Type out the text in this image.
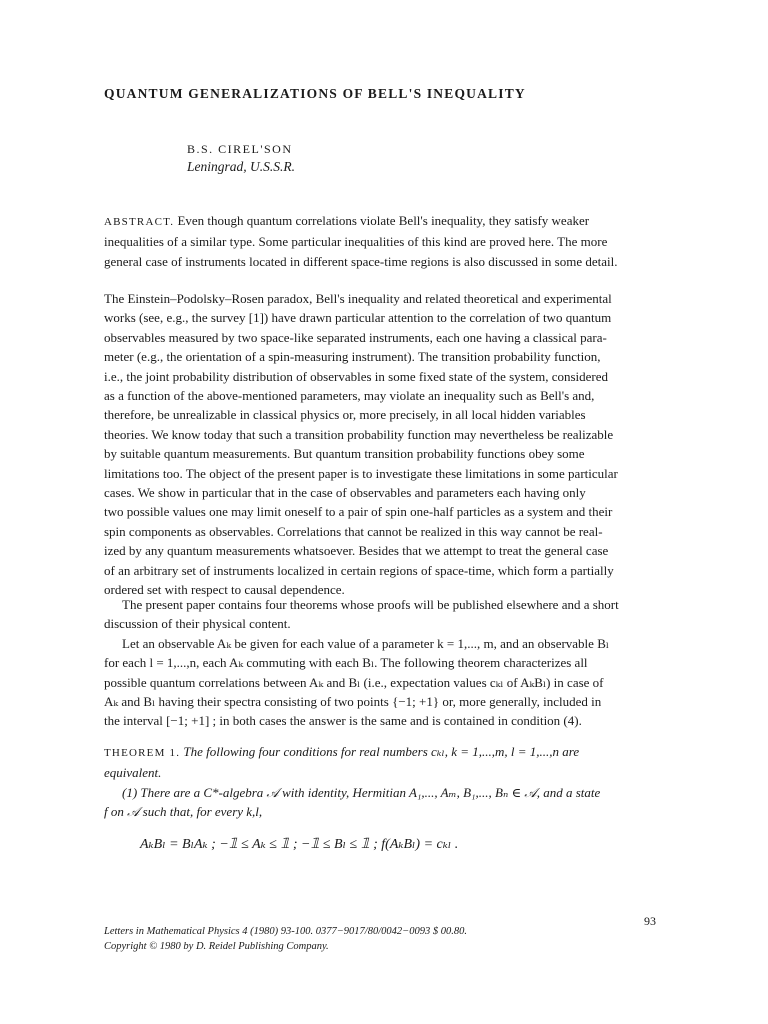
QUANTUM GENERALIZATIONS OF BELL'S INEQUALITY
B.S. CIREL'SON
Leningrad, U.S.S.R.
ABSTRACT. Even though quantum correlations violate Bell's inequality, they satisfy weaker
inequalities of a similar type. Some particular inequalities of this kind are proved here. The more
general case of instruments located in different space-time regions is also discussed in some detail.
The Einstein–Podolsky–Rosen paradox, Bell's inequality and related theoretical and experimental
works (see, e.g., the survey [1]) have drawn particular attention to the correlation of two quantum
observables measured by two space-like separated instruments, each one having a classical para-
meter (e.g., the orientation of a spin-measuring instrument). The transition probability function,
i.e., the joint probability distribution of observables in some fixed state of the system, considered
as a function of the above-mentioned parameters, may violate an inequality such as Bell's and,
therefore, be unrealizable in classical physics or, more precisely, in all local hidden variables
theories. We know today that such a transition probability function may nevertheless be realizable
by suitable quantum measurements. But quantum transition probability functions obey some
limitations too. The object of the present paper is to investigate these limitations in some particular
cases. We show in particular that in the case of observables and parameters each having only
two possible values one may limit oneself to a pair of spin one-half particles as a system and their
spin components as observables. Correlations that cannot be realized in this way cannot be real-
ized by any quantum measurements whatsoever. Besides that we attempt to treat the general case
of an arbitrary set of instruments localized in certain regions of space-time, which form a partially
ordered set with respect to causal dependence.
The present paper contains four theorems whose proofs will be published elsewhere and a short
discussion of their physical content.
Let an observable Aₖ be given for each value of a parameter k = 1,..., m, and an observable Bₗ
for each l = 1,...,n, each Aₖ commuting with each Bₗ. The following theorem characterizes all
possible quantum correlations between Aₖ and Bₗ (i.e., expectation values cₖₗ of AₖBₗ) in case of
Aₖ and Bₗ having their spectra consisting of two points {−1; +1} or, more generally, included in
the interval [−1; +1] ; in both cases the answer is the same and is contained in condition (4).
THEOREM 1. The following four conditions for real numbers cₖₗ, k = 1,...,m, l = 1,...,n are
equivalent.
(1) There are a C*-algebra 𝒜 with identity, Hermitian A₁,..., Aₘ, B₁,..., Bₙ ∈ 𝒜, and a state
f on 𝒜 such that, for every k,l,
AₖBₗ = BₗAₖ ; −𝟙 ≤ Aₖ ≤ 𝟙 ; −𝟙 ≤ Bₗ ≤ 𝟙 ; f(AₖBₗ) = cₖₗ .
93
Letters in Mathematical Physics 4 (1980) 93-100. 0377−9017/80/0042−0093 $ 00.80.
Copyright © 1980 by D. Reidel Publishing Company.
